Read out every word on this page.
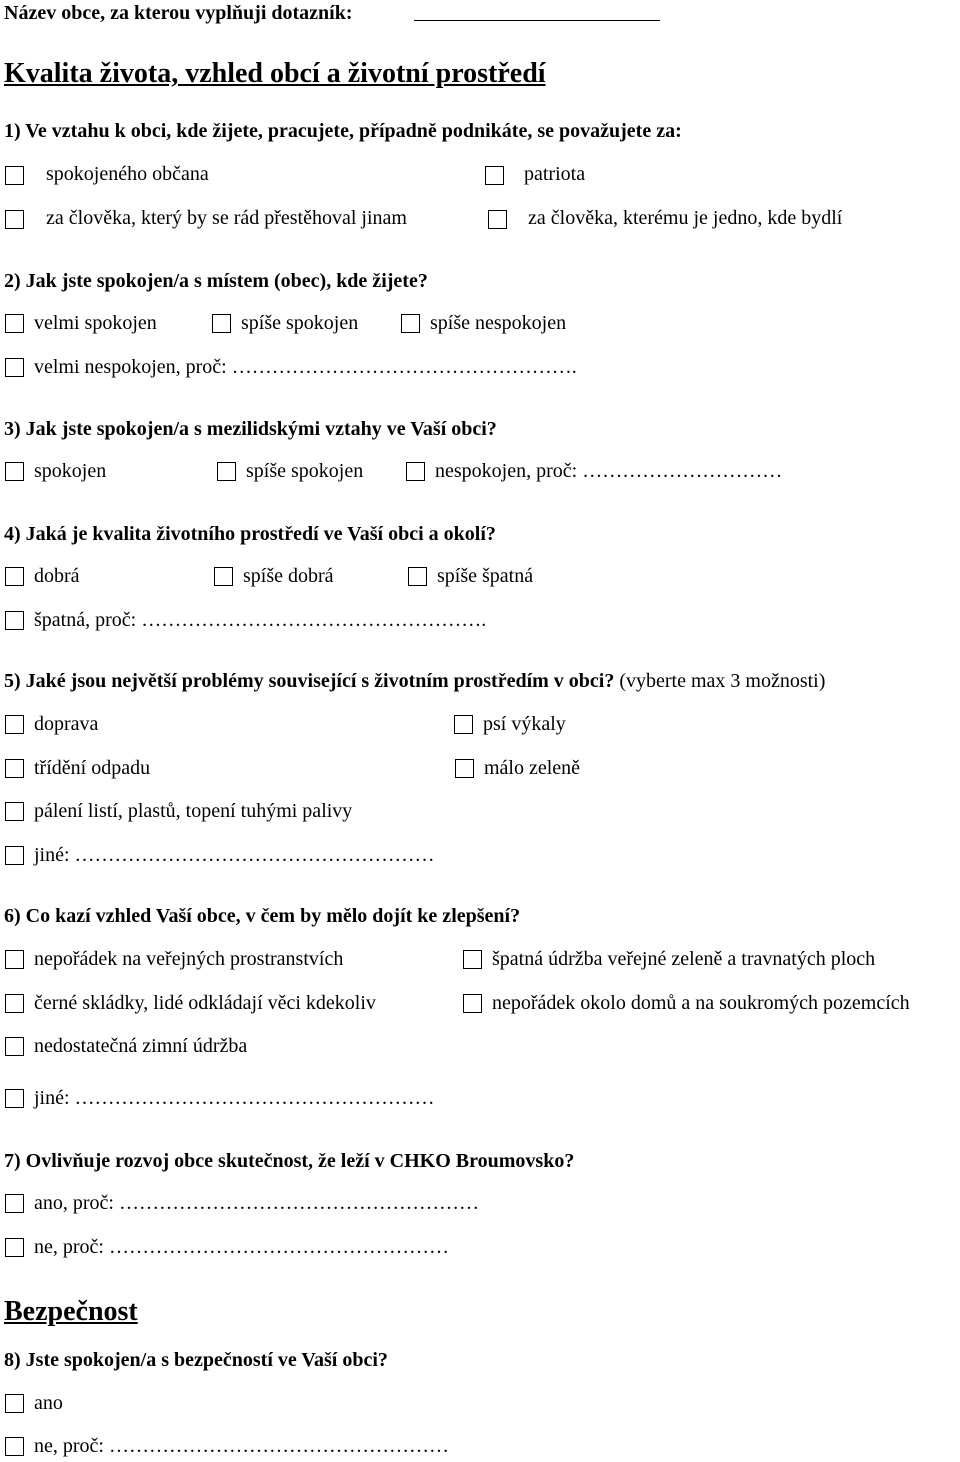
Název obce, za kterou vyplňuji dotazník:
Kvalita života, vzhled obcí a životní prostředí
1) Ve vztahu k obci, kde žijete, pracujete, případně podnikáte, se považujete za:
spokojeného občana	patriota
za člověka, který by se rád přestěhoval jinam	za člověka, kterému je jedno, kde bydlí
2) Jak jste spokojen/a s místem (obec), kde žijete?
velmi spokojen	spíše spokojen	spíše nespokojen
velmi nespokojen, proč: …………………………………………….
3) Jak jste spokojen/a s mezilidskými vztahy ve Vaší obci?
spokojen	spíše spokojen	nespokojen, proč: …………………………
4) Jaká je kvalita životního prostředí ve Vaší obci a okolí?
dobrá	spíše dobrá	spíše špatná
špatná, proč: …………………………………………….
5) Jaké jsou největší problémy související s životním prostředím v obci? (vyberte max 3 možnosti)
doprava	psí výkaly
třídění odpadu	málo zeleně
pálení listí, plastů, topení tuhými palivy
jiné: ………………………………………………
6) Co kazí vzhled Vaší obce, v čem by mělo dojít ke zlepšení?
nepořádek na veřejných prostranstvích	špatná údržba veřejné zeleně a travnatých ploch
černé skládky, lidé odkládají věci kdekoliv	nepořádek okolo domů a na soukromých pozemcích
nedostatečná zimní údržba
jiné: ………………………………………………
7) Ovlivňuje rozvoj obce skutečnost, že leží v CHKO Broumovsko?
ano, proč: ………………………………………………
ne, proč: ……………………………………………
Bezpečnost
8) Jste spokojen/a s bezpečností ve Vaší obci?
ano
ne, proč: ……………………………………………
